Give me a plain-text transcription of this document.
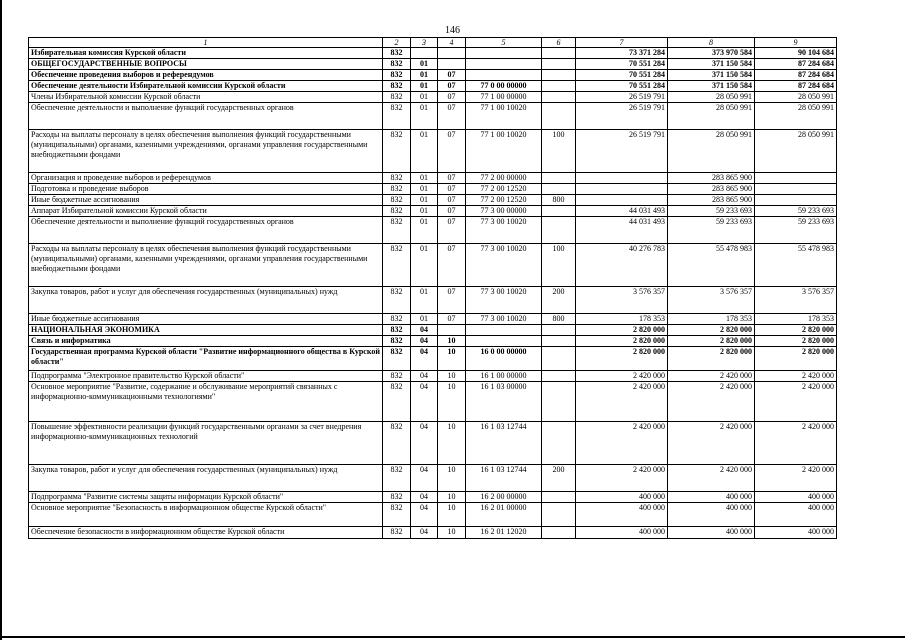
146
1	2	3	4	5	6	7	8	9
Избирательная комиссия Курской области	832					73 371 284	373 970 584	90 104 684
ОБЩЕГОСУДАРСТВЕННЫЕ ВОПРОСЫ	832	01				70 551 284	371 150 584	87 284 684
Обеспечение проведения выборов и референдумов	832	01	07			70 551 284	371 150 584	87 284 684
Обеспечение деятельности Избирательной комиссии Курской области	832	01	07	77 0 00 00000		70 551 284	371 150 584	87 284 684
Члены Избирательной комиссии Курской области	832	01	07	77 1 00 00000		26 519 791	28 050 991	28 050 991
Обеспечение деятельности и выполнение функций государственных органов	832	01	07	77 1 00 10020		26 519 791	28 050 991	28 050 991
Расходы на выплаты персоналу в целях обеспечения выполнения функций государственными (муниципальными) органами, казенными учреждениями, органами управления государственными внебюджетными фондами	832	01	07	77 1 00 10020	100	26 519 791	28 050 991	28 050 991
Организация и проведение выборов и референдумов	832	01	07	77 2 00 00000			283 865 900	
Подготовка и проведение выборов	832	01	07	77 2 00 12520			283 865 900	
Иные бюджетные ассигнования	832	01	07	77 2 00 12520	800		283 865 900	
Аппарат Избирательной комиссии Курской области	832	01	07	77 3 00 00000		44 031 493	59 233 693	59 233 693
Обеспечение деятельности и выполнение функций государственных органов	832	01	07	77 3 00 10020		44 031 493	59 233 693	59 233 693
Расходы на выплаты персоналу в целях обеспечения выполнения функций государственными (муниципальными) органами, казенными учреждениями, органами управления государственными внебюджетными фондами	832	01	07	77 3 00 10020	100	40 276 783	55 478 983	55 478 983
Закупка товаров, работ и услуг для обеспечения государственных (муниципальных) нужд	832	01	07	77 3 00 10020	200	3 576 357	3 576 357	3 576 357
Иные бюджетные ассигнования	832	01	07	77 3 00 10020	800	178 353	178 353	178 353
НАЦИОНАЛЬНАЯ ЭКОНОМИКА	832	04				2 820 000	2 820 000	2 820 000
Связь и информатика	832	04	10			2 820 000	2 820 000	2 820 000
Государственная программа Курской области "Развитие информационного общества в Курской области"	832	04	10	16 0 00 00000		2 820 000	2 820 000	2 820 000
Подпрограмма "Электронное правительство Курской области"	832	04	10	16 1 00 00000		2 420 000	2 420 000	2 420 000
Основное мероприятие "Развитие, содержание и обслуживание мероприятий связанных с информационно-коммуникационными технологиями"	832	04	10	16 1 03 00000		2 420 000	2 420 000	2 420 000
Повышение эффективности реализации функций государственными органами за счет внедрения информационно-коммуникационных технологий	832	04	10	16 1 03 12744		2 420 000	2 420 000	2 420 000
Закупка товаров, работ и услуг для обеспечения государственных (муниципальных) нужд	832	04	10	16 1 03 12744	200	2 420 000	2 420 000	2 420 000
Подпрограмма "Развитие системы защиты информации Курской области"	832	04	10	16 2 00 00000		400 000	400 000	400 000
Основное мероприятие "Безопасность в информационном обществе Курской области"	832	04	10	16 2 01 00000		400 000	400 000	400 000
Обеспечение безопасности в информационном обществе Курской области	832	04	10	16 2 01 12020		400 000	400 000	400 000
